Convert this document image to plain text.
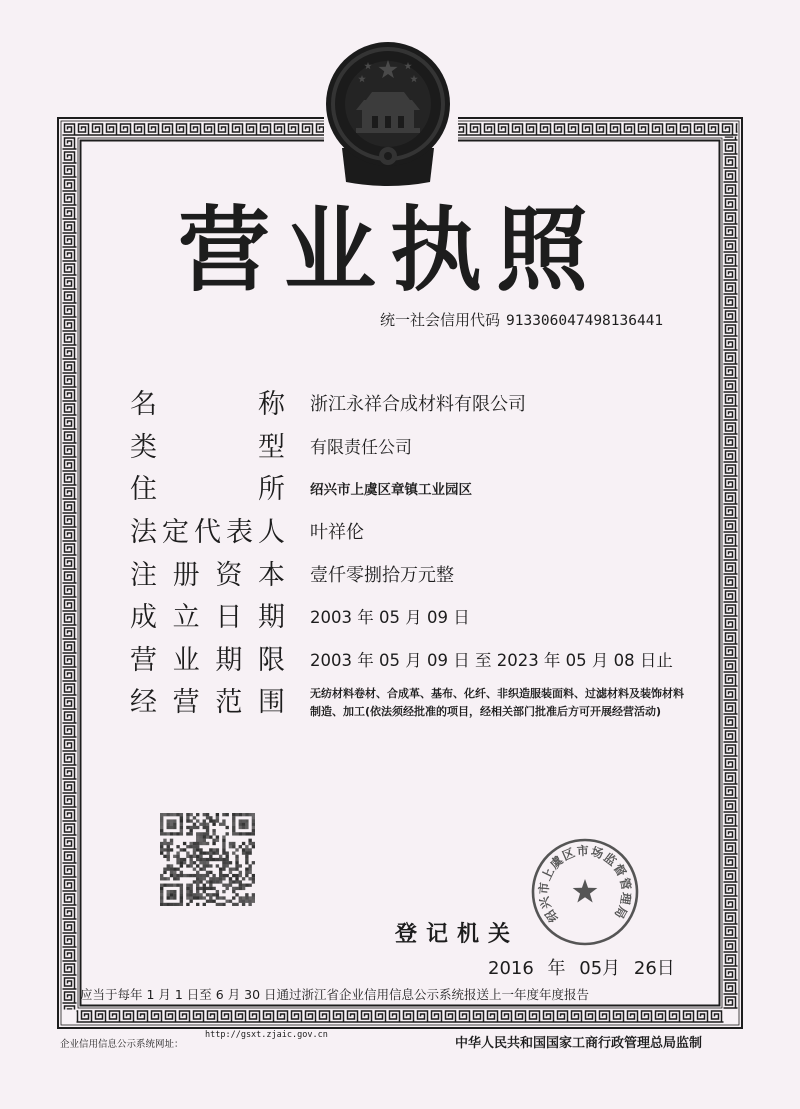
营业执照
统一社会信用代码 913306047498136441
名	称 浙江永祥合成材料有限公司
类	型 有限责任公司
住	所 绍兴市上虞区章镇工业园区
法 定 代 表 人 叶祥伦
注 册 资 本 壹仟零捌拾万元整
成 立 日 期 2003 年 05 月 09 日
营 业 期 限 2003 年 05 月 09 日 至 2023 年 05 月 08 日止
经 营 范 围 无纺材料卷材、合成革、基布、化纤、非织造服装面料、过滤材料及装饰材料制造、加工(依法须经批准的项目，经相关部门批准后方可开展经营活动)
绍兴市上虞区市场监督管理局
登记机关
2016 年 05月 26日
应当于每年 1 月 1 日至 6 月 30 日通过浙江省企业信用信息公示系统报送上一年度年度报告
企业信用信息公示系统网址：
http://gsxt.zjaic.gov.cn
中华人民共和国国家工商行政管理总局监制
